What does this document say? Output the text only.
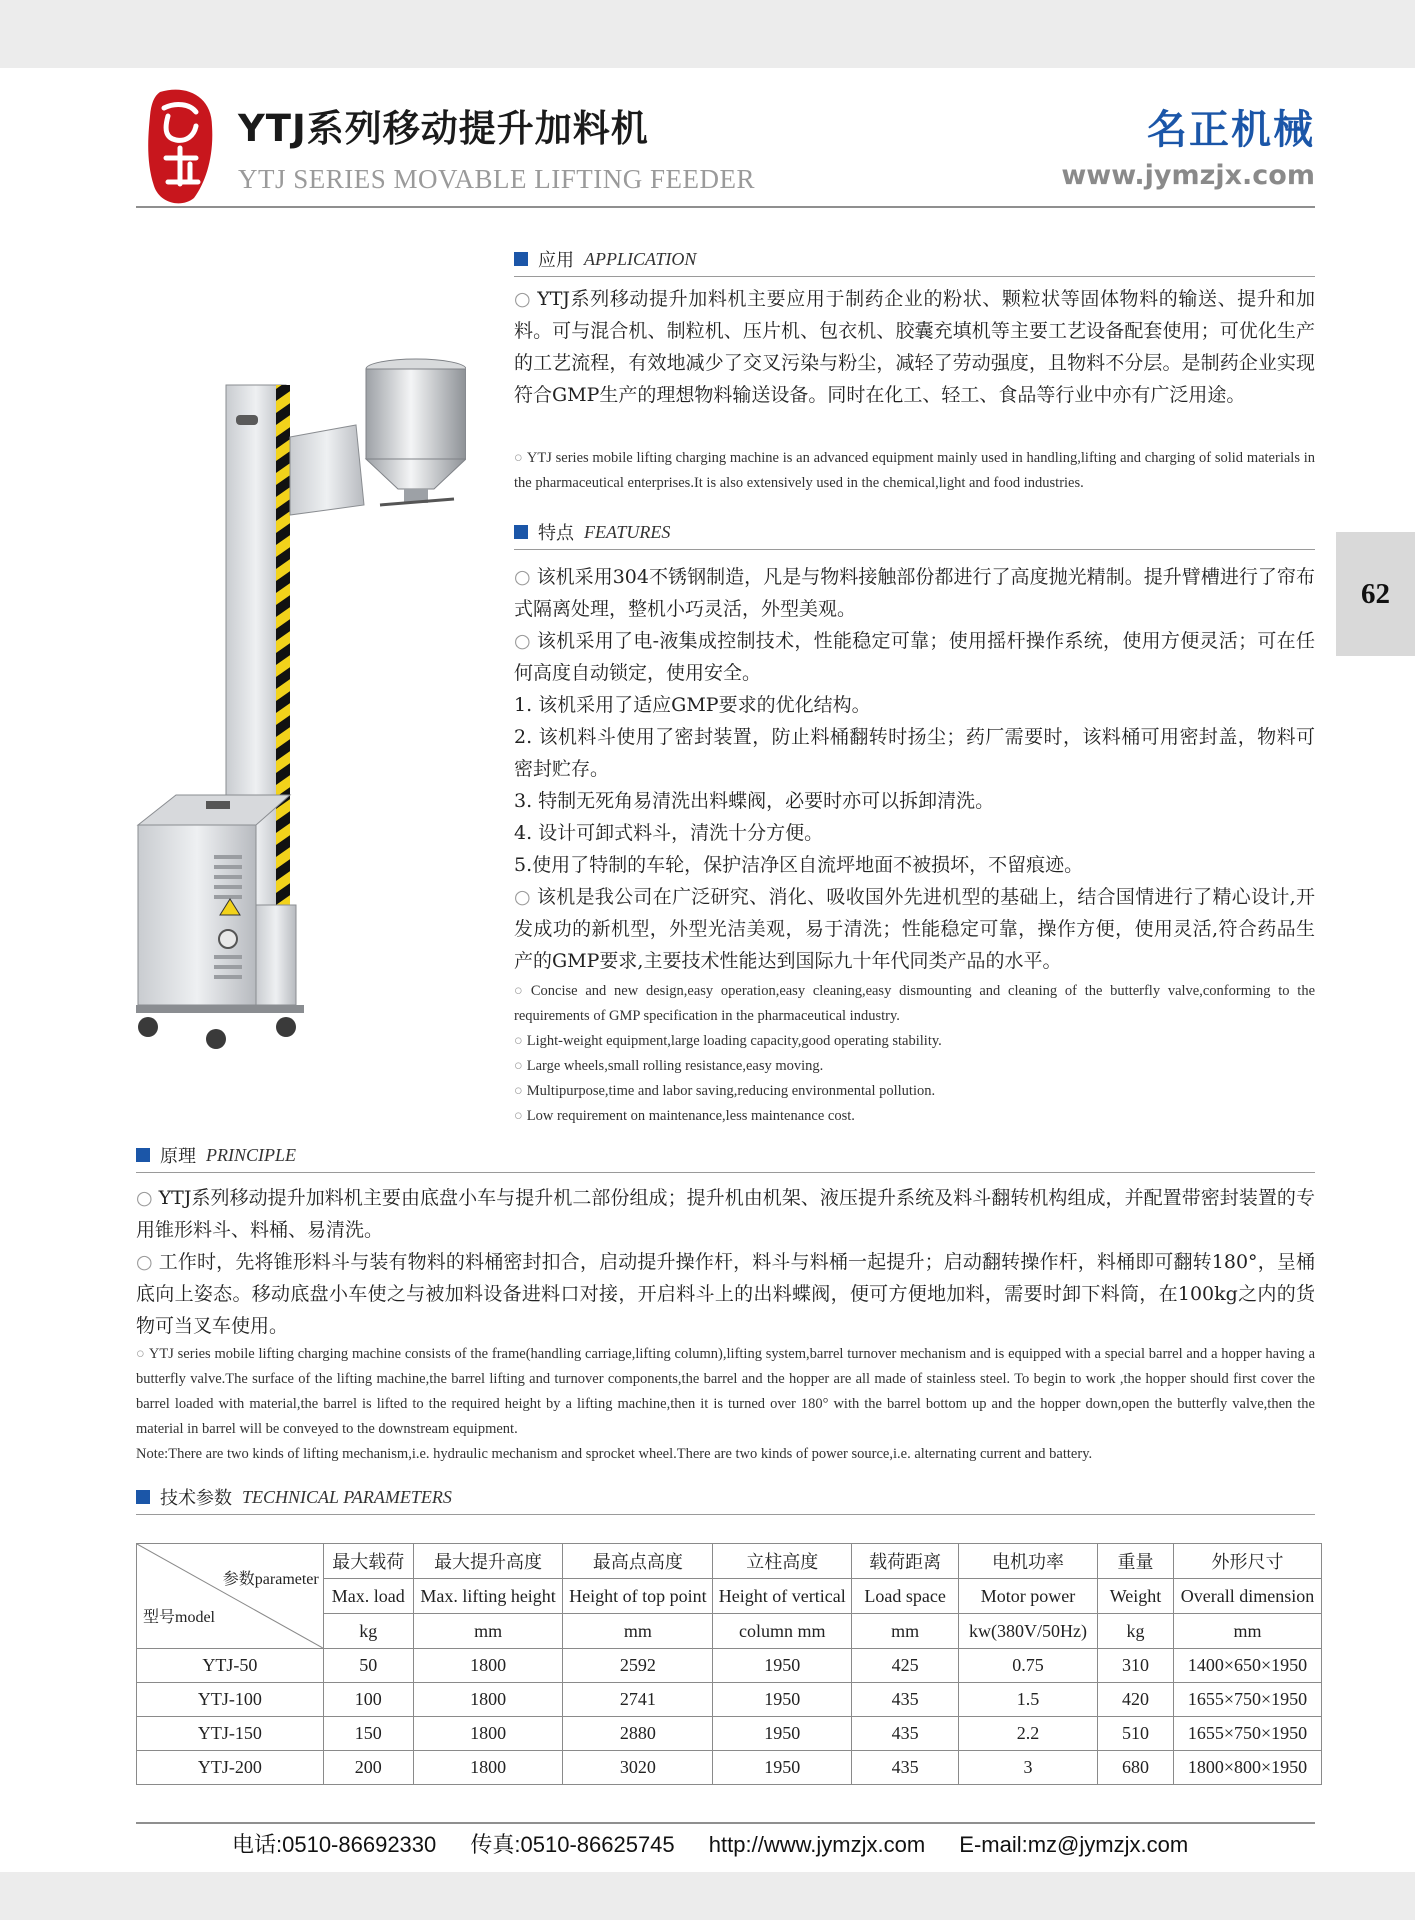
YTJ系列移动提升加料机
YTJ SERIES MOVABLE LIFTING FEEDER
名正机械
www.jymzjx.com
62
应用 APPLICATION

○ YTJ系列移动提升加料机主要应用于制药企业的粉状、颗粒状等固体物料的输送、提升和加料。可与混合机、制粒机、压片机、包衣机、胶囊充填机等主要工艺设备配套使用；可优化生产的工艺流程，有效地减少了交叉污染与粉尘，减轻了劳动强度，且物料不分层。是制药企业实现符合GMP生产的理想物料输送设备。同时在化工、轻工、食品等行业中亦有广泛用途。

○ YTJ series mobile lifting charging machine is an advanced equipment mainly used in handling,lifting and charging of solid materials in the pharmaceutical enterprises.It is also extensively used in the chemical,light and food industries.

特点 FEATURES

○ 该机采用304不锈钢制造，凡是与物料接触部份都进行了高度抛光精制。提升臂槽进行了帘布式隔离处理，整机小巧灵活，外型美观。

○ 该机采用了电-液集成控制技术，性能稳定可靠；使用摇杆操作系统，使用方便灵活；可在任何高度自动锁定，使用安全。

1. 该机采用了适应GMP要求的优化结构。

2. 该机料斗使用了密封装置，防止料桶翻转时扬尘；药厂需要时，该料桶可用密封盖，物料可密封贮存。

3. 特制无死角易清洗出料蝶阀，必要时亦可以拆卸清洗。

4. 设计可卸式料斗，清洗十分方便。

5.使用了特制的车轮，保护洁净区自流坪地面不被损坏，不留痕迹。

○ 该机是我公司在广泛研究、消化、吸收国外先进机型的基础上，结合国情进行了精心设计,开发成功的新机型，外型光洁美观，易于清洗；性能稳定可靠，操作方便，使用灵活,符合药品生产的GMP要求,主要技术性能达到国际九十年代同类产品的水平。

○ Concise and new design,easy operation,easy cleaning,easy dismounting and cleaning of the butterfly valve,conforming to the requirements of GMP specification in the pharmaceutical industry.

○ Light-weight equipment,large loading capacity,good operating stability.

○ Large wheels,small rolling resistance,easy moving.

○ Multipurpose,time and labor saving,reducing environmental pollution.

○ Low requirement on maintenance,less maintenance cost.

原理 PRINCIPLE

○ YTJ系列移动提升加料机主要由底盘小车与提升机二部份组成；提升机由机架、液压提升系统及料斗翻转机构组成，并配置带密封装置的专用锥形料斗、料桶、易清洗。

○ 工作时，先将锥形料斗与装有物料的料桶密封扣合，启动提升操作杆，料斗与料桶一起提升；启动翻转操作杆，料桶即可翻转180°，呈桶底向上姿态。移动底盘小车使之与被加料设备进料口对接，开启料斗上的出料蝶阀，便可方便地加料，需要时卸下料筒，在100kg之内的货物可当叉车使用。

○ YTJ series mobile lifting charging machine consists of the frame(handling carriage,lifting column),lifting system,barrel turnover mechanism and is equipped with a special barrel and a hopper having a butterfly valve.The surface of the lifting machine,the barrel lifting and turnover components,the barrel and the hopper are all made of stainless steel. To begin to work ,the hopper should first cover the barrel loaded with material,the barrel is lifted to the required height by a lifting machine,then it is turned over 180° with the barrel bottom up and the hopper down,open the butterfly valve,then the material in barrel will be conveyed to the downstream equipment.

Note:There are two kinds of lifting mechanism,i.e. hydraulic mechanism and sprocket wheel.There are two kinds of power source,i.e. alternating current and battery.

技术参数 TECHNICAL PARAMETERS
参数parameter
型号model	最大载荷	最大提升高度	最高点高度	立柱高度	载荷距离	电机功率	重量	外形尺寸
	Max. load	Max. lifting height	Height of top point	Height of vertical	Load space	Motor power	Weight	Overall dimension
	kg	mm	mm	column mm	mm	kw(380V/50Hz)	kg	mm
YTJ-50	50	1800	2592	1950	425	0.75	310	1400×650×1950
YTJ-100	100	1800	2741	1950	435	1.5	420	1655×750×1950
YTJ-150	150	1800	2880	1950	435	2.2	510	1655×750×1950
YTJ-200	200	1800	3020	1950	435	3	680	1800×800×1950
电话:0510-86692330 传真:0510-86625745 http://www.jymzjx.com E-mail:mz@jymzjx.com
